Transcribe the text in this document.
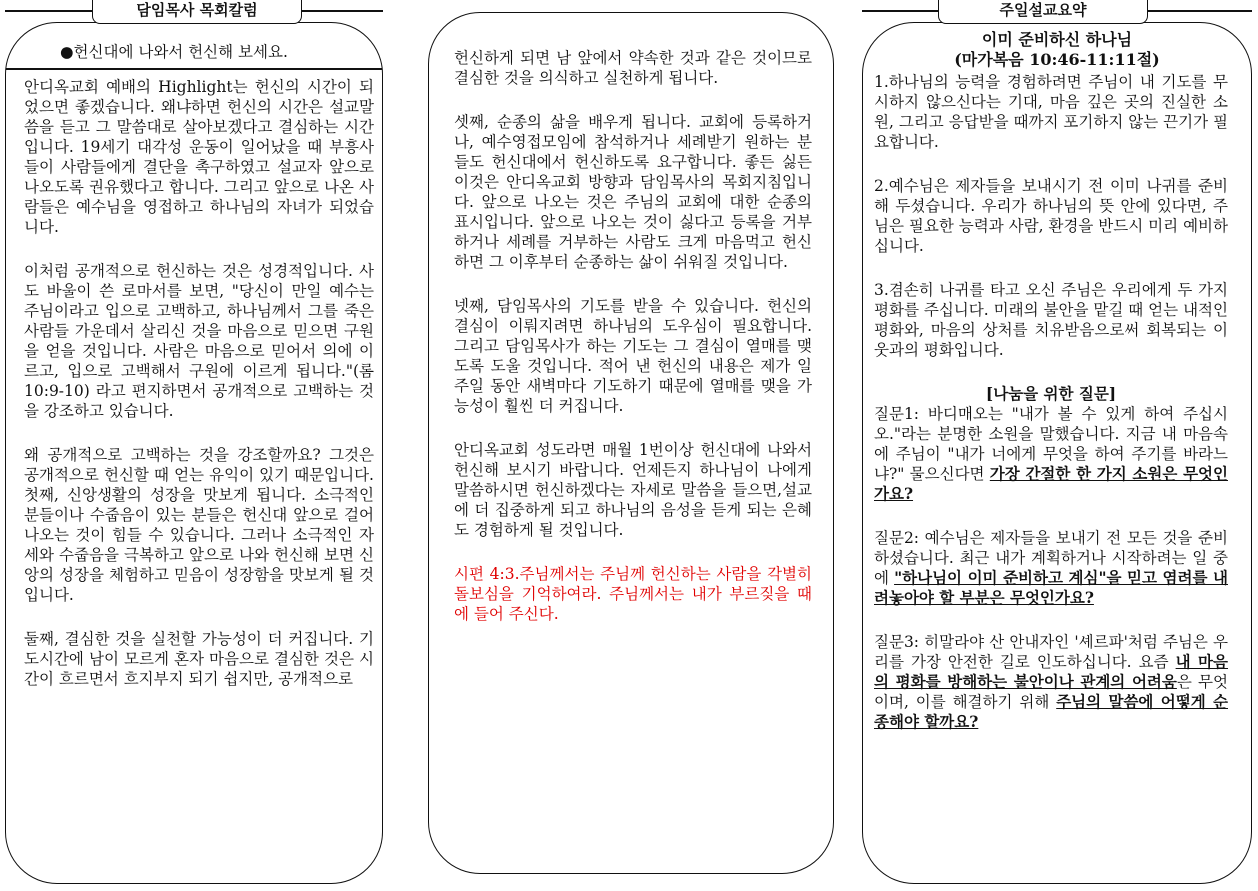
담임목사 목회칼럼
●헌신대에 나와서 헌신해 보세요.

안디옥교회 예배의 Highlight는 헌신의 시간이 되었으면 좋겠습니다. 왜냐하면 헌신의 시간은 설교말씀을 듣고 그 말씀대로 살아보겠다고 결심하는 시간입니다. 19세기 대각성 운동이 일어났을 때 부흥사들이 사람들에게 결단을 촉구하였고 설교자 앞으로 나오도록 권유했다고 합니다. 그리고 앞으로 나온 사람들은 예수님을 영접하고 하나님의 자녀가 되었습니다.

이처럼 공개적으로 헌신하는 것은 성경적입니다. 사도 바울이 쓴 로마서를 보면, "당신이 만일 예수는 주님이라고 입으로 고백하고, 하나님께서 그를 죽은 사람들 가운데서 살리신 것을 마음으로 믿으면 구원을 얻을 것입니다. 사람은 마음으로 믿어서 의에 이르고, 입으로 고백해서 구원에 이르게 됩니다."(롬10:9-10) 라고 편지하면서 공개적으로 고백하는 것을 강조하고 있습니다.

왜 공개적으로 고백하는 것을 강조할까요? 그것은 공개적으로 헌신할 때 얻는 유익이 있기 때문입니다. 첫째, 신앙생활의 성장을 맛보게 됩니다. 소극적인 분들이나 수줍음이 있는 분들은 헌신대 앞으로 걸어 나오는 것이 힘들 수 있습니다. 그러나 소극적인 자세와 수줍음을 극복하고 앞으로 나와 헌신해 보면 신앙의 성장을 체험하고 믿음이 성장함을 맛보게 될 것입니다.

둘째, 결심한 것을 실천할 가능성이 더 커집니다. 기도시간에 남이 모르게 혼자 마음으로 결심한 것은 시간이 흐르면서 흐지부지 되기 쉽지만, 공개적으로

헌신하게 되면 남 앞에서 약속한 것과 같은 것이므로 결심한 것을 의식하고 실천하게 됩니다.

셋째, 순종의 삶을 배우게 됩니다. 교회에 등록하거나, 예수영접모임에 참석하거나 세례받기 원하는 분들도 헌신대에서 헌신하도록 요구합니다. 좋든 싫든 이것은 안디옥교회 방향과 담임목사의 목회지침입니다. 앞으로 나오는 것은 주님의 교회에 대한 순종의 표시입니다. 앞으로 나오는 것이 싫다고 등록을 거부하거나 세례를 거부하는 사람도 크게 마음먹고 헌신하면 그 이후부터 순종하는 삶이 쉬워질 것입니다.

넷째, 담임목사의 기도를 받을 수 있습니다. 헌신의 결심이 이뤄지려면 하나님의 도우심이 필요합니다. 그리고 담임목사가 하는 기도는 그 결심이 열매를 맺도록 도울 것입니다. 적어 낸 헌신의 내용은 제가 일주일 동안 새벽마다 기도하기 때문에 열매를 맺을 가능성이 훨씬 더 커집니다.

안디옥교회 성도라면 매월 1번이상 헌신대에 나와서 헌신해 보시기 바랍니다. 언제든지 하나님이 나에게 말씀하시면 헌신하겠다는 자세로 말씀을 들으면,설교에 더 집중하게 되고 하나님의 음성을 듣게 되는 은혜도 경험하게 될 것입니다.

시편 4:3.주님께서는 주님께 헌신하는 사람을 각별히 돌보심을 기억하여라. 주님께서는 내가 부르짖을 때에 들어 주신다.

주일설교요약
이미 준비하신 하나님
(마가복음 10:46-11:11절)

1.하나님의 능력을 경험하려면 주님이 내 기도를 무시하지 않으신다는 기대, 마음 깊은 곳의 진실한 소원, 그리고 응답받을 때까지 포기하지 않는 끈기가 필요합니다.

2.예수님은 제자들을 보내시기 전 이미 나귀를 준비해 두셨습니다. 우리가 하나님의 뜻 안에 있다면, 주님은 필요한 능력과 사람, 환경을 반드시 미리 예비하십니다.

3.겸손히 나귀를 타고 오신 주님은 우리에게 두 가지 평화를 주십니다. 미래의 불안을 맡길 때 얻는 내적인 평화와, 마음의 상처를 치유받음으로써 회복되는 이웃과의 평화입니다.

[나눔을 위한 질문]

질문1: 바디매오는 "내가 볼 수 있게 하여 주십시오."라는 분명한 소원을 말했습니다. 지금 내 마음속에 주님이 "내가 너에게 무엇을 하여 주기를 바라느냐?" 물으신다면 가장 간절한 한 가지 소원은 무엇인가요?

질문2: 예수님은 제자들을 보내기 전 모든 것을 준비하셨습니다. 최근 내가 계획하거나 시작하려는 일 중에 "하나님이 이미 준비하고 계심"을 믿고 염려를 내려놓아야 할 부분은 무엇인가요?

질문3: 히말라야 산 안내자인 '셰르파'처럼 주님은 우리를 가장 안전한 길로 인도하십니다. 요즘 내 마음의 평화를 방해하는 불안이나 관계의 어려움은 무엇이며, 이를 해결하기 위해 주님의 말씀에 어떻게 순종해야 할까요?
